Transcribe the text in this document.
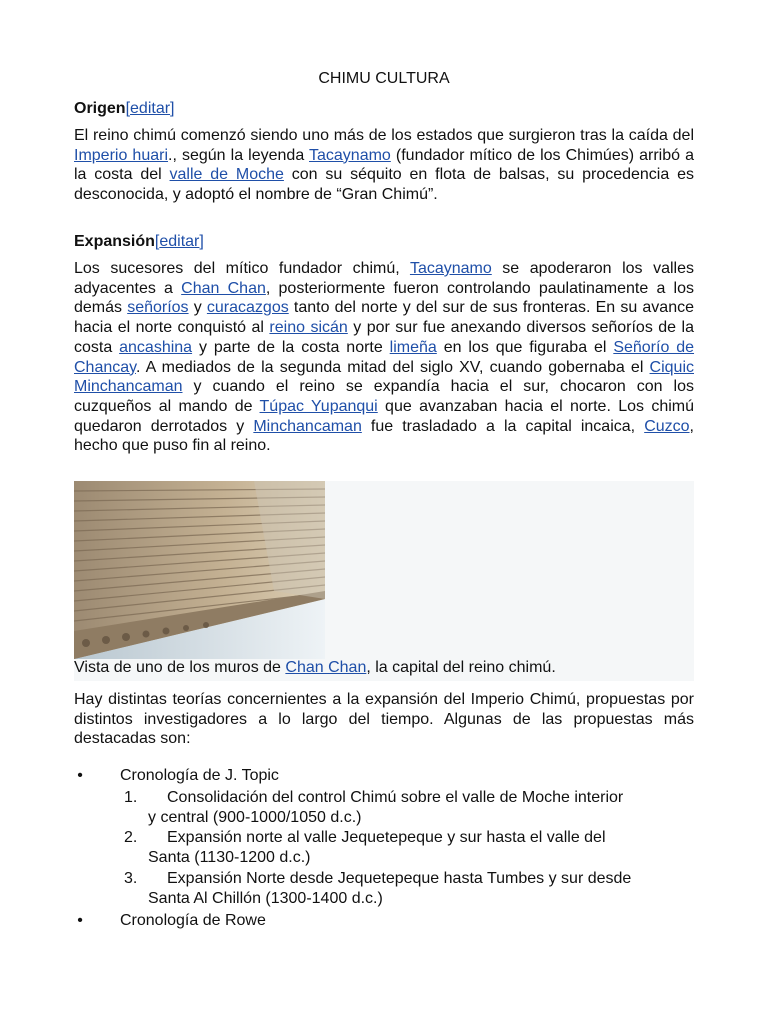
CHIMU CULTURA
Origen[editar]

El reino chimú comenzó siendo uno más de los estados que surgieron tras la caída del Imperio huari., según la leyenda Tacaynamo (fundador mítico de los Chimúes) arribó a la costa del valle de Moche con su séquito en flota de balsas, su procedencia es desconocida, y adoptó el nombre de “Gran Chimú”.

Expansión[editar]

Los sucesores del mítico fundador chimú, Tacaynamo se apoderaron los valles adyacentes a Chan Chan, posteriormente fueron controlando paulatinamente a los demás señoríos y curacazgos tanto del norte y del sur de sus fronteras. En su avance hacia el norte conquistó al reino sicán y por sur fue anexando diversos señoríos de la costa ancashina y parte de la costa norte limeña en los que figuraba el Señorío de Chancay. A mediados de la segunda mitad del siglo XV, cuando gobernaba el Ciquic Minchancaman y cuando el reino se expandía hacia el sur, chocaron con los cuzqueños al mando de Túpac Yupanqui que avanzaban hacia el norte. Los chimú quedaron derrotados y Minchancaman fue trasladado a la capital incaica, Cuzco, hecho que puso fin al reino.

Vista de uno de los muros de Chan Chan, la capital del reino chimú.

Hay distintas teorías concernientes a la expansión del Imperio Chimú, propuestas por distintos investigadores a lo largo del tiempo. Algunas de las propuestas más destacadas son:

• Cronología de J. Topic
1. Consolidación del control Chimú sobre el valle de Moche interior
y central (900-1000/1050 d.c.)
2. Expansión norte al valle Jequetepeque y sur hasta el valle del
Santa (1130-1200 d.c.)
3. Expansión Norte desde Jequetepeque hasta Tumbes y sur desde
Santa Al Chillón (1300-1400 d.c.)
• Cronología de Rowe
